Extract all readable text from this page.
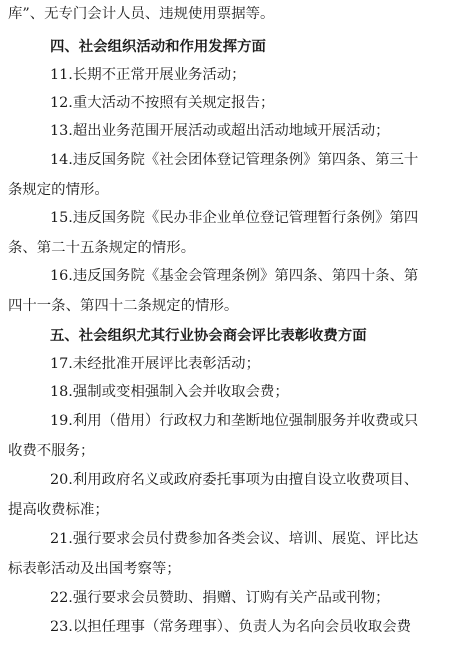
库”、无专门会计人员、违规使用票据等。
四、社会组织活动和作用发挥方面
11.长期不正常开展业务活动；
12.重大活动不按照有关规定报告；
13.超出业务范围开展活动或超出活动地域开展活动；
14.违反国务院《社会团体登记管理条例》第四条、第三十
条规定的情形。
15.违反国务院《民办非企业单位登记管理暂行条例》第四
条、第二十五条规定的情形。
16.违反国务院《基金会管理条例》第四条、第四十条、第
四十一条、第四十二条规定的情形。
五、社会组织尤其行业协会商会评比表彰收费方面
17.未经批准开展评比表彰活动；
18.强制或变相强制入会并收取会费；
19.利用（借用）行政权力和垄断地位强制服务并收费或只
收费不服务；
20.利用政府名义或政府委托事项为由擅自设立收费项目、
提高收费标准；
21.强行要求会员付费参加各类会议、培训、展览、评比达
标表彰活动及出国考察等；
22.强行要求会员赞助、捐赠、订购有关产品或刊物；
23.以担任理事（常务理事）、负责人为名向会员收取会费
